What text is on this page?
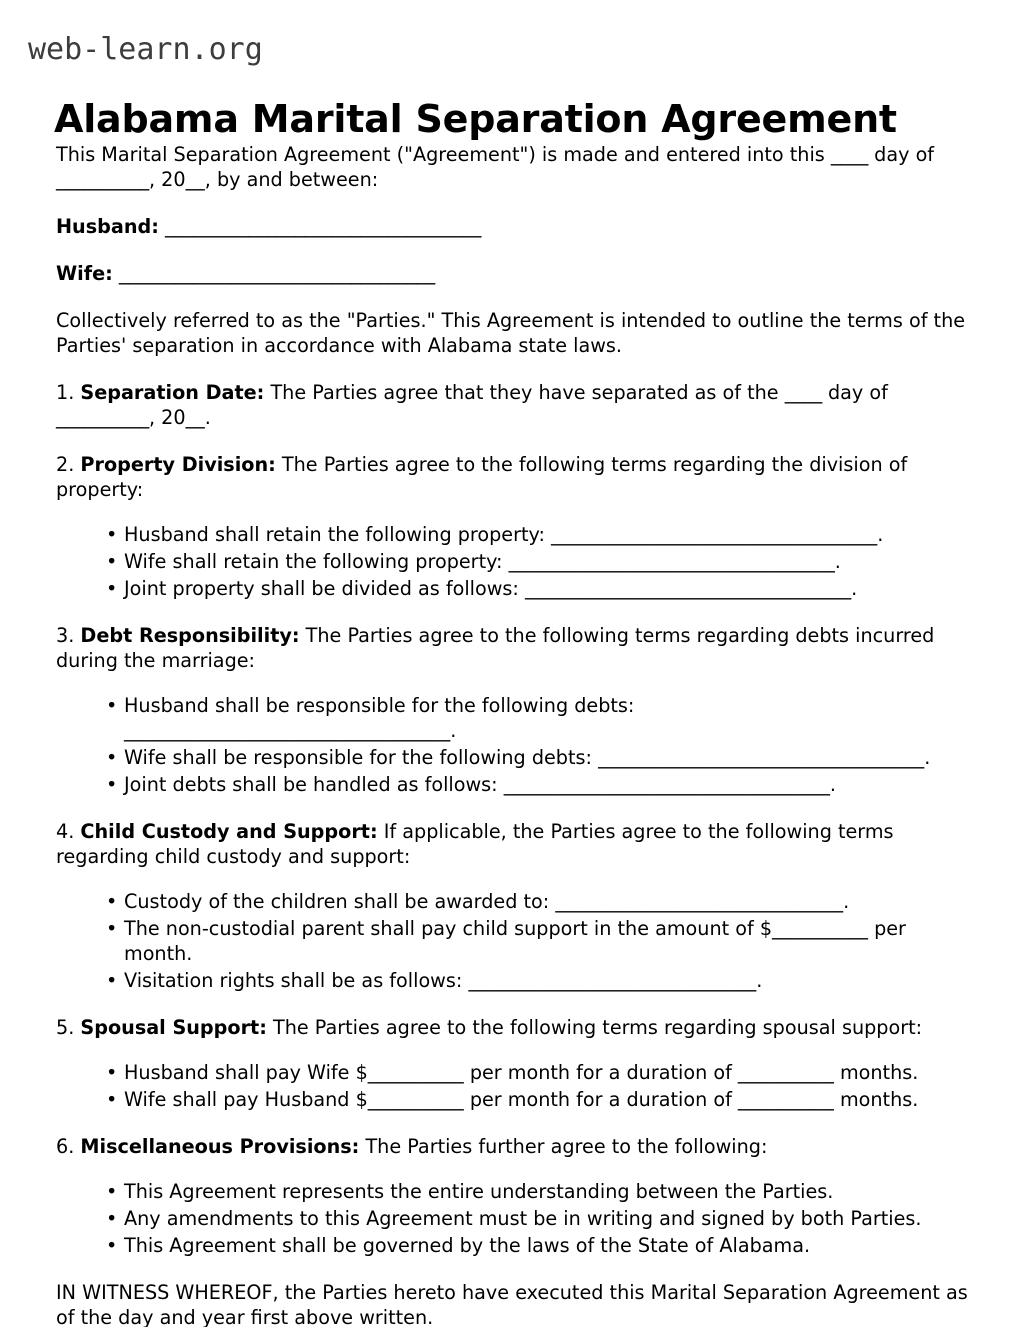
web-learn.org
Alabama Marital Separation Agreement

This Marital Separation Agreement ("Agreement") is made and entered into this ____ day of __________, 20__, by and between:

Husband: __________________________________

Wife: __________________________________

Collectively referred to as the "Parties." This Agreement is intended to outline the terms of the Parties' separation in accordance with Alabama state laws.

1. Separation Date: The Parties agree that they have separated as of the ____ day of __________, 20__.

2. Property Division: The Parties agree to the following terms regarding the division of property:

• Husband shall retain the following property: __________________________________.
• Wife shall retain the following property: __________________________________.
• Joint property shall be divided as follows: __________________________________.

3. Debt Responsibility: The Parties agree to the following terms regarding debts incurred during the marriage:

• Husband shall be responsible for the following debts: __________________________________.
• Wife shall be responsible for the following debts: __________________________________.
• Joint debts shall be handled as follows: __________________________________.

4. Child Custody and Support: If applicable, the Parties agree to the following terms regarding child custody and support:

• Custody of the children shall be awarded to: ______________________________.
• The non-custodial parent shall pay child support in the amount of $__________ per month.
• Visitation rights shall be as follows: ______________________________.

5. Spousal Support: The Parties agree to the following terms regarding spousal support:

• Husband shall pay Wife $__________ per month for a duration of __________ months.
• Wife shall pay Husband $__________ per month for a duration of __________ months.

6. Miscellaneous Provisions: The Parties further agree to the following:

• This Agreement represents the entire understanding between the Parties.
• Any amendments to this Agreement must be in writing and signed by both Parties.
• This Agreement shall be governed by the laws of the State of Alabama.

IN WITNESS WHEREOF, the Parties hereto have executed this Marital Separation Agreement as of the day and year first above written.
